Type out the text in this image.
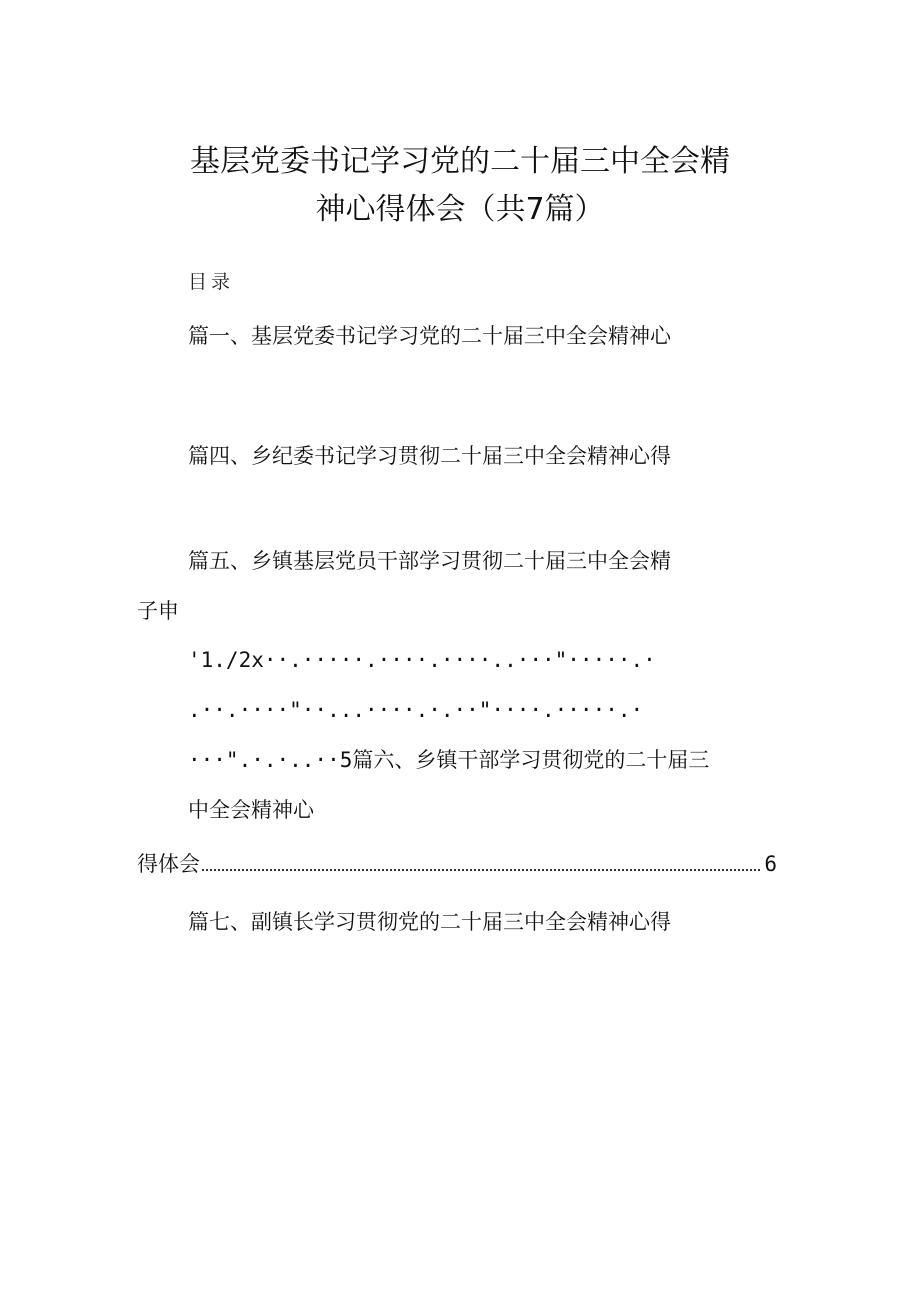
基层党委书记学习党的二十届三中全会精
神心得体会（共7篇）
目录
篇一、基层党委书记学习党的二十届三中全会精神心
篇四、乡纪委书记学习贯彻二十届三中全会精神心得
篇五、乡镇基层党员干部学习贯彻二十届三中全会精
子申
'1./2x··.·····.····.····..···"·····.·
.··.····"··...····.·.··"····.·····.·
···".·.·..··5篇六、乡镇干部学习贯彻党的二十届三
中全会精神心
得体会	6
篇七、副镇长学习贯彻党的二十届三中全会精神心得
